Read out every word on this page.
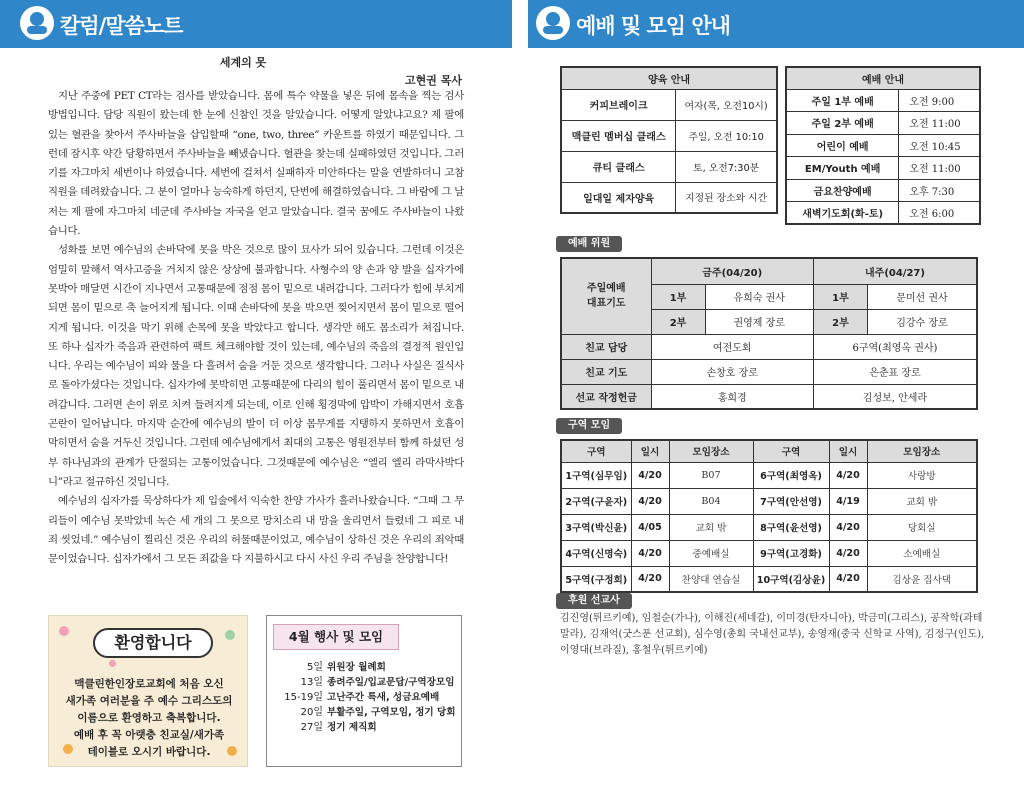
칼럼/말씀노트	예배 및 모임 안내
세계의 못
고현권 목사

지난 주중에 PET CT라는 검사를 받았습니다. 몸에 특수 약물을 넣은 뒤에 몸속을 찍는 검사방법입니다. 담당 직원이 왔는데 한 눈에 신참인 것을 알았습니다. 어떻게 알았냐고요? 제 팔에 있는 혈관을 찾아서 주사바늘을 삽입할때 “one, two, three” 카운트를 하였기 때문입니다. 그런데 잠시후 약간 당황하면서 주사바늘을 빼냈습니다. 혈관을 찾는데 실패하였던 것입니다. 그러기를 자그마치 세번이나 하였습니다. 세번에 걸쳐서 실패하자 미안하다는 말을 연발하더니 고참 직원을 데려왔습니다. 그 분이 얼마나 능숙하게 하던지, 단번에 해결하였습니다. 그 바람에 그 날 저는 제 팔에 자그마치 네군데 주사바늘 자국을 얻고 말았습니다. 결국 꿈에도 주사바늘이 나왔습니다.

성화를 보면 예수님의 손바닥에 못을 박은 것으로 많이 묘사가 되어 있습니다. 그런데 이것은 엄밀히 말해서 역사고증을 거치지 않은 상상에 불과합니다. 사형수의 양 손과 양 발을 십자가에 못박아 매달면 시간이 지나면서 고통때문에 점점 몸이 밑으로 내려갑니다. 그러다가 힘에 부치게 되면 몸이 밑으로 축 늘어지게 됩니다. 이때 손바닥에 못을 박으면 찢어지면서 몸이 밑으로 떨어지게 됩니다. 이것을 막기 위해 손목에 못을 박았다고 합니다. 생각만 해도 몸소리가 쳐집니다. 또 하나 십자가 죽음과 관련하여 팩트 체크해야할 것이 있는데, 예수님의 죽음의 결정적 원인입니다. 우리는 예수님이 피와 물을 다 흘려서 숨을 거둔 것으로 생각합니다. 그러나 사실은 질식사로 돌아가셨다는 것입니다. 십자가에 못박히면 고통때문에 다리의 힘이 풀리면서 몸이 밑으로 내려갑니다. 그러면 손이 위로 치켜 들려지게 되는데, 이로 인해 횡경막에 압박이 가해지면서 호흡곤란이 일어납니다. 마지막 순간에 예수님의 발이 더 이상 몸무게를 지탱하지 못하면서 호흡이 막히면서 숨을 거두신 것입니다. 그런데 예수님에게서 최대의 고통은 영원전부터 함께 하셨던 성부 하나님과의 관계가 단절되는 고통이었습니다. 그것때문에 예수님은 “엘리 엘리 라막사박다니”라고 절규하신 것입니다.

예수님의 십자가를 묵상하다가 제 입술에서 익숙한 찬양 가사가 흘러나왔습니다. “그때 그 무리들이 예수님 못박았네 녹슨 세 개의 그 못으로 망치소리 내 맘을 울리면서 들렸네 그 피로 내 죄 씻었네.” 예수님이 찔리신 것은 우리의 허물때문이었고, 예수님이 상하신 것은 우리의 죄악때문이었습니다. 십자가에서 그 모든 죄값을 다 지불하시고 다시 사신 우리 주님을 찬양합니다!

환영합니다
맥클린한인장로교회에 처음 오신
새가족 여러분을 주 예수 그리스도의
이름으로 환영하고 축복합니다.
예배 후 꼭 아랫층 친교실/새가족
테이블로 오시기 바랍니다.
4월 행사 및 모임
5일 위원장 월례회
13일 종려주일/입교문답/구역장모임
15-19일 고난주간 특새, 성금요예배
20일 부활주일, 구역모임, 정기 당회
27일 정기 제직회
양육 안내	
커피브레이크	여자(목, 오전10시)
맥클린 멤버십 클래스	주일, 오전 10:10
큐티 클래스	토, 오전7:30분
일대일 제자양육	지정된 장소와 시간
예배 안내	
주일 1부 예배	오전 9:00
주일 2부 예배	오전 11:00
어린이 예배	오전 10:45
EM/Youth 예배	오전 11:00
금요찬양예배	오후 7:30
새벽기도회(화-토)	오전 6:00
예배 위원
주일예배
대표기도	금주(04/20)		내주(04/27)	
	1부	유희숙 권사	1부	문미선 권사
	2부	권영제 장로	2부	김강수 장로
친교 담당	여전도회		6구역(최영옥 권사)	
친교 기도	손창호 장로		은춘표 장로	
선교 작정헌금	홍희경		김성보, 안세라	
구역 모임
구역	일시	모임장소	구역	일시	모임장소
1구역(심무임)	4/20	B07	6구역(최영옥)	4/20	사랑방
2구역(구윤자)	4/20	B04	7구역(안선영)	4/19	교회 밖
3구역(박신윤)	4/05	교회 밖	8구역(윤선영)	4/20	당회실
4구역(신명숙)	4/20	중예배실	9구역(고경화)	4/20	소예배실
5구역(구정희)	4/20	찬양대 연습실	10구역(김상윤)	4/20	김상윤 집사댁
후원 선교사
김진영(튀르키예), 임철순(가나), 이해진(세네갈), 이미경(탄자니아), 박금미(그리스), 공작학(과테말라), 김재억(굿스푼 선교회), 심수영(총회 국내선교부), 송영재(중국 신학교 사역), 김정구(인도), 이영대(브라질), 홍철우(튀르키예)
